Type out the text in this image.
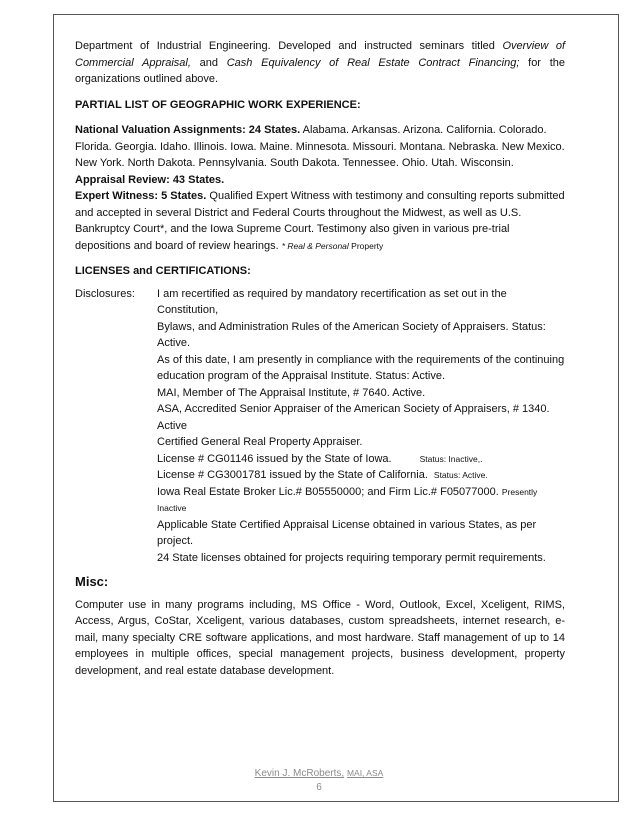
Department of Industrial Engineering. Developed and instructed seminars titled Overview of Commercial Appraisal, and Cash Equivalency of Real Estate Contract Financing; for the organizations outlined above.

PARTIAL LIST OF GEOGRAPHIC WORK EXPERIENCE:

National Valuation Assignments: 24 States. Alabama. Arkansas. Arizona. California. Colorado. Florida. Georgia. Idaho. Illinois. Iowa. Maine. Minnesota. Missouri. Montana. Nebraska. New Mexico. New York. North Dakota. Pennsylvania. South Dakota. Tennessee. Ohio. Utah. Wisconsin.

Appraisal Review: 43 States.

Expert Witness: 5 States. Qualified Expert Witness with testimony and consulting reports submitted and accepted in several District and Federal Courts throughout the Midwest, as well as U.S. Bankruptcy Court*, and the Iowa Supreme Court. Testimony also given in various pre-trial depositions and board of review hearings. * Real & Personal Property

LICENSES and CERTIFICATIONS:

Disclosures:	I am recertified as required by mandatory recertification as set out in the Constitution,

Bylaws, and Administration Rules of the American Society of Appraisers. Status: Active.

As of this date, I am presently in compliance with the requirements of the continuing

education program of the Appraisal Institute. Status: Active.

MAI, Member of The Appraisal Institute, # 7640. Active.

ASA, Accredited Senior Appraiser of the American Society of Appraisers, # 1340. Active

Certified General Real Property Appraiser.

License # CG01146 issued by the State of Iowa.	Status: Inactive,.

License # CG3001781 issued by the State of California. Status: Active.

Iowa Real Estate Broker Lic.# B05550000; and Firm Lic.# F05077000. Presently Inactive

Applicable State Certified Appraisal License obtained in various States, as per project.

24 State licenses obtained for projects requiring temporary permit requirements.

Misc:

Computer use in many programs including, MS Office - Word, Outlook, Excel, Xceligent, RIMS, Access, Argus, CoStar, Xceligent, various databases, custom spreadsheets, internet research, e-mail, many specialty CRE software applications, and most hardware. Staff management of up to 14 employees in multiple offices, special management projects, business development, property development, and real estate database development.

Kevin J. McRoberts, MAI, ASA
6
